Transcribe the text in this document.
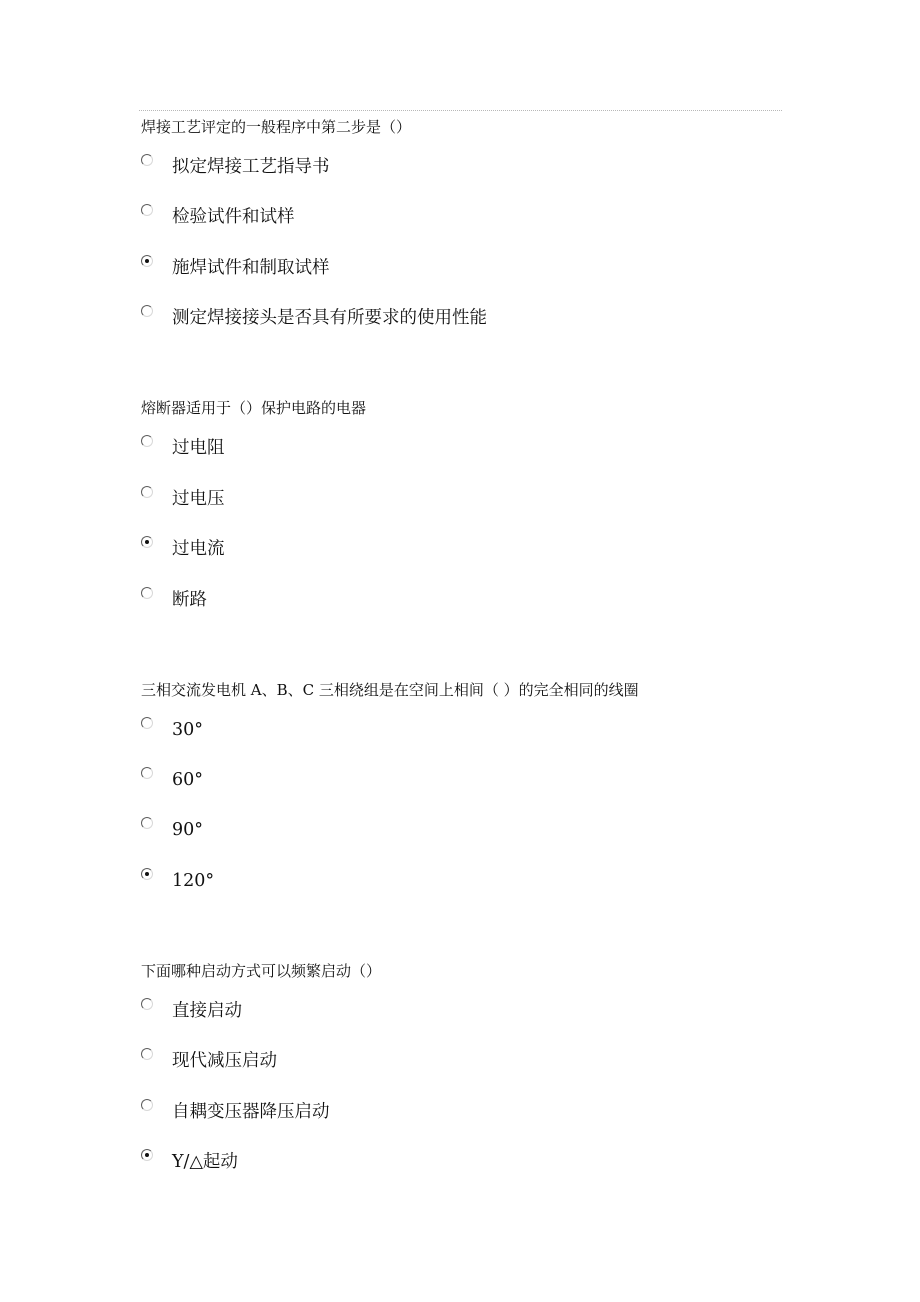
焊接工艺评定的一般程序中第二步是（）
拟定焊接工艺指导书
检验试件和试样
施焊试件和制取试样
测定焊接接头是否具有所要求的使用性能
熔断器适用于（）保护电路的电器
过电阻
过电压
过电流
断路
三相交流发电机 A、B、C 三相绕组是在空间上相间（ ）的完全相同的线圈
30°
60°
90°
120°
下面哪种启动方式可以频繁启动（）
直接启动
现代减压启动
自耦变压器降压启动
Y/△起动
